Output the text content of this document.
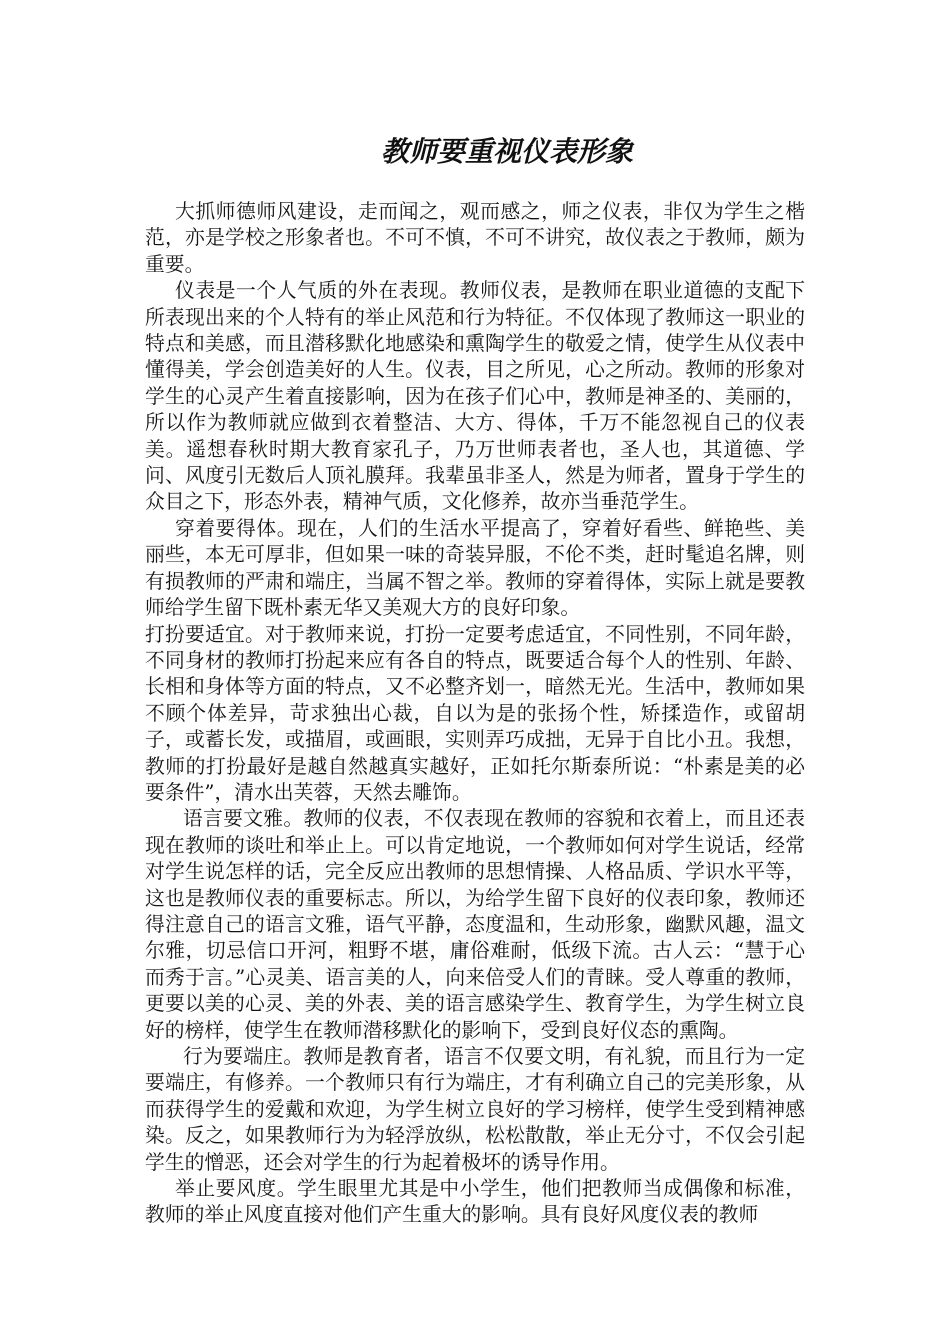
教师要重视仪表形象

大抓师德师风建设，走而闻之，观而感之，师之仪表，非仅为学生之楷范，亦是学校之形象者也。不可不慎，不可不讲究，故仪表之于教师，颇为重要。

仪表是一个人气质的外在表现。教师仪表，是教师在职业道德的支配下所表现出来的个人特有的举止风范和行为特征。不仅体现了教师这一职业的特点和美感，而且潜移默化地感染和熏陶学生的敬爱之情，使学生从仪表中懂得美，学会创造美好的人生。仪表，目之所见，心之所动。教师的形象对学生的心灵产生着直接影响，因为在孩子们心中，教师是神圣的、美丽的，所以作为教师就应做到衣着整洁、大方、得体，千万不能忽视自己的仪表美。遥想春秋时期大教育家孔子，乃万世师表者也，圣人也，其道德、学问、风度引无数后人顶礼膜拜。我辈虽非圣人，然是为师者，置身于学生的众目之下，形态外表，精神气质，文化修养，故亦当垂范学生。

穿着要得体。现在，人们的生活水平提高了，穿着好看些、鲜艳些、美丽些，本无可厚非，但如果一味的奇装异服，不伦不类，赶时髦追名牌，则有损教师的严肃和端庄，当属不智之举。教师的穿着得体，实际上就是要教师给学生留下既朴素无华又美观大方的良好印象。

打扮要适宜。对于教师来说，打扮一定要考虑适宜，不同性别，不同年龄，不同身材的教师打扮起来应有各自的特点，既要适合每个人的性别、年龄、长相和身体等方面的特点，又不必整齐划一，暗然无光。生活中，教师如果不顾个体差异，苛求独出心裁，自以为是的张扬个性，矫揉造作，或留胡子，或蓄长发，或描眉，或画眼，实则弄巧成拙，无异于自比小丑。我想，教师的打扮最好是越自然越真实越好，正如托尔斯泰所说：“朴素是美的必要条件”，清水出芙蓉，天然去雕饰。

语言要文雅。教师的仪表，不仅表现在教师的容貌和衣着上，而且还表现在教师的谈吐和举止上。可以肯定地说，一个教师如何对学生说话，经常对学生说怎样的话，完全反应出教师的思想情操、人格品质、学识水平等，这也是教师仪表的重要标志。所以，为给学生留下良好的仪表印象，教师还得注意自己的语言文雅，语气平静，态度温和，生动形象，幽默风趣，温文尔雅，切忌信口开河，粗野不堪，庸俗难耐，低级下流。古人云：“慧于心而秀于言。”心灵美、语言美的人，向来倍受人们的青睐。受人尊重的教师，更要以美的心灵、美的外表、美的语言感染学生、教育学生，为学生树立良好的榜样，使学生在教师潜移默化的影响下，受到良好仪态的熏陶。

行为要端庄。教师是教育者，语言不仅要文明，有礼貌，而且行为一定要端庄，有修养。一个教师只有行为端庄，才有利确立自己的完美形象，从而获得学生的爱戴和欢迎，为学生树立良好的学习榜样，使学生受到精神感染。反之，如果教师行为为轻浮放纵，松松散散，举止无分寸，不仅会引起学生的憎恶，还会对学生的行为起着极坏的诱导作用。

举止要风度。学生眼里尤其是中小学生，他们把教师当成偶像和标准，教师的举止风度直接对他们产生重大的影响。具有良好风度仪表的教师
